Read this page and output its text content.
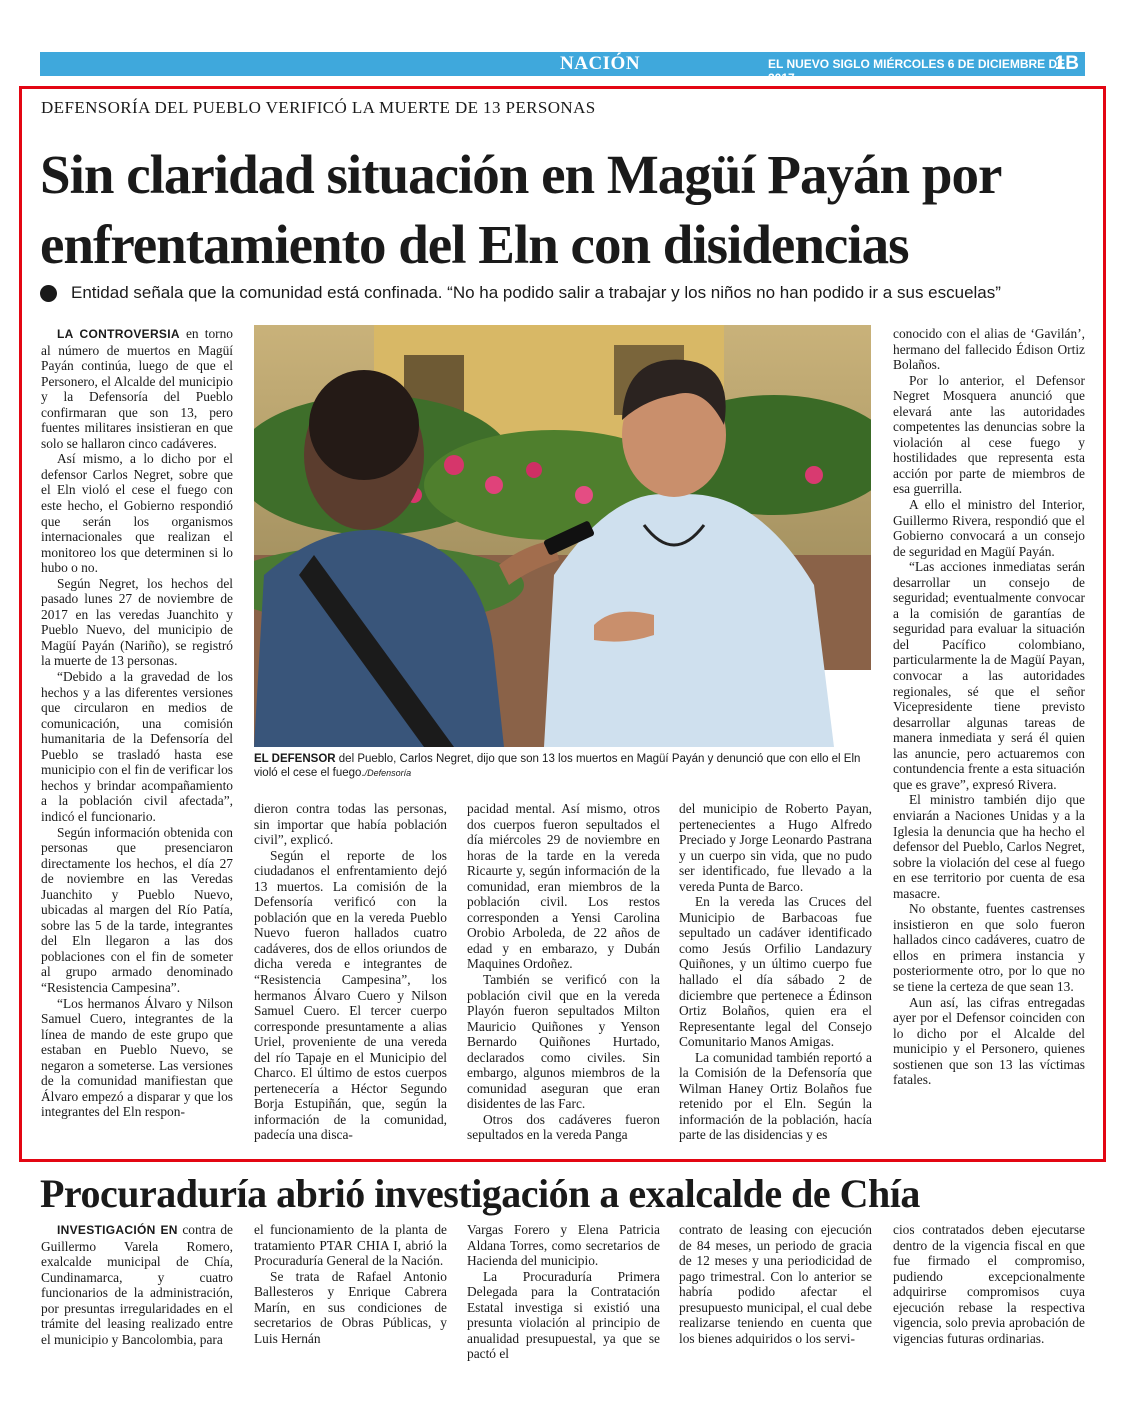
NACIÓN	EL NUEVO SIGLO MIÉRCOLES 6 DE DICIEMBRE DE 2017
1B
DEFENSORÍA DEL PUEBLO VERIFICÓ LA MUERTE DE 13 PERSONAS
Sin claridad situación en Magüí Payán por enfrentamiento del Eln con disidencias
Entidad señala que la comunidad está confinada. “No ha podido salir a trabajar y los niños no han podido ir a sus escuelas”

LA CONTROVERSIA en torno al número de muertos en Magüí Payán continúa, luego de que el Personero, el Alcalde del municipio y la Defensoría del Pueblo confirmaran que son 13, pero fuentes militares insistieran en que solo se hallaron cinco cadáveres.

Así mismo, a lo dicho por el defensor Carlos Negret, sobre que el Eln violó el cese el fuego con este hecho, el Gobierno respondió que serán los organismos internacionales que realizan el monitoreo los que determinen si lo hubo o no.

Según Negret, los hechos del pasado lunes 27 de noviembre de 2017 en las veredas Juanchito y Pueblo Nuevo, del municipio de Magüí Payán (Nariño), se registró la muerte de 13 personas.

“Debido a la gravedad de los hechos y a las diferentes versiones que circularon en medios de comunicación, una comisión humanitaria de la Defensoría del Pueblo se trasladó hasta ese municipio con el fin de verificar los hechos y brindar acompañamiento a la población civil afectada”, indicó el funcionario.

Según información obtenida con personas que presenciaron directamente los hechos, el día 27 de noviembre en las Veredas Juanchito y Pueblo Nuevo, ubicadas al margen del Río Patía, sobre las 5 de la tarde, integrantes del Eln llegaron a las dos poblaciones con el fin de someter al grupo armado denominado “Resistencia Campesina”.

“Los hermanos Álvaro y Nilson Samuel Cuero, integrantes de la línea de mando de este grupo que estaban en Pueblo Nuevo, se negaron a someterse. Las versiones de la comunidad manifiestan que Álvaro empezó a disparar y que los integrantes del Eln respon-

EL DEFENSOR del Pueblo, Carlos Negret, dijo que son 13 los muertos en Magüí Payán y denunció que con ello el Eln violó el cese el fuego./Defensoría

dieron contra todas las personas, sin importar que había población civil”, explicó.

Según el reporte de los ciudadanos el enfrentamiento dejó 13 muertos. La comisión de la Defensoría verificó con la población que en la vereda Pueblo Nuevo fueron hallados cuatro cadáveres, dos de ellos oriundos de dicha vereda e integrantes de “Resistencia Campesina”, los hermanos Álvaro Cuero y Nilson Samuel Cuero. El tercer cuerpo corresponde presuntamente a alias Uriel, proveniente de una vereda del río Tapaje en el Municipio del Charco. El último de estos cuerpos pertenecería a Héctor Segundo Borja Estupiñán, que, según la información de la comunidad, padecía una disca-

pacidad mental. Así mismo, otros dos cuerpos fueron sepultados el día miércoles 29 de noviembre en horas de la tarde en la vereda Ricaurte y, según información de la comunidad, eran miembros de la población civil. Los restos corresponden a Yensi Carolina Orobio Arboleda, de 22 años de edad y en embarazo, y Dubán Maquines Ordoñez.

También se verificó con la población civil que en la vereda Playón fueron sepultados Milton Mauricio Quiñones y Yenson Bernardo Quiñones Hurtado, declarados como civiles. Sin embargo, algunos miembros de la comunidad aseguran que eran disidentes de las Farc.

Otros dos cadáveres fueron sepultados en la vereda Panga

del municipio de Roberto Payan, pertenecientes a Hugo Alfredo Preciado y Jorge Leonardo Pastrana y un cuerpo sin vida, que no pudo ser identificado, fue llevado a la vereda Punta de Barco.

En la vereda las Cruces del Municipio de Barbacoas fue sepultado un cadáver identificado como Jesús Orfilio Landazury Quiñones, y un último cuerpo fue hallado el día sábado 2 de diciembre que pertenece a Édinson Ortiz Bolaños, quien era el Representante legal del Consejo Comunitario Manos Amigas.

La comunidad también reportó a la Comisión de la Defensoría que Wilman Haney Ortiz Bolaños fue retenido por el Eln. Según la información de la población, hacía parte de las disidencias y es

conocido con el alias de ‘Gavilán’, hermano del fallecido Édison Ortiz Bolaños.

Por lo anterior, el Defensor Negret Mosquera anunció que elevará ante las autoridades competentes las denuncias sobre la violación al cese fuego y hostilidades que representa esta acción por parte de miembros de esa guerrilla.

A ello el ministro del Interior, Guillermo Rivera, respondió que el Gobierno convocará a un consejo de seguridad en Magüí Payán.

“Las acciones inmediatas serán desarrollar un consejo de seguridad; eventualmente convocar a la comisión de garantías de seguridad para evaluar la situación del Pacífico colombiano, particularmente la de Magüí Payan, convocar a las autoridades regionales, sé que el señor Vicepresidente tiene previsto desarrollar algunas tareas de manera inmediata y será él quien las anuncie, pero actuaremos con contundencia frente a esta situación que es grave”, expresó Rivera.

El ministro también dijo que enviarán a Naciones Unidas y a la Iglesia la denuncia que ha hecho el defensor del Pueblo, Carlos Negret, sobre la violación del cese al fuego en ese territorio por cuenta de esa masacre.

No obstante, fuentes castrenses insistieron en que solo fueron hallados cinco cadáveres, cuatro de ellos en primera instancia y posteriormente otro, por lo que no se tiene la certeza de que sean 13.

Aun así, las cifras entregadas ayer por el Defensor coinciden con lo dicho por el Alcalde del municipio y el Personero, quienes sostienen que son 13 las víctimas fatales.

Procuraduría abrió investigación a exalcalde de Chía

INVESTIGACIÓN EN contra de Guillermo Varela Romero, exalcalde municipal de Chía, Cundinamarca, y cuatro funcionarios de la administración, por presuntas irregularidades en el trámite del leasing realizado entre el municipio y Bancolombia, para

el funcionamiento de la planta de tratamiento PTAR CHIA I, abrió la Procuraduría General de la Nación.

Se trata de Rafael Antonio Ballesteros y Enrique Cabrera Marín, en sus condiciones de secretarios de Obras Públicas, y Luis Hernán

Vargas Forero y Elena Patricia Aldana Torres, como secretarios de Hacienda del municipio.

La Procuraduría Primera Delegada para la Contratación Estatal investiga si existió una presunta violación al principio de anualidad presupuestal, ya que se pactó el

contrato de leasing con ejecución de 84 meses, un periodo de gracia de 12 meses y una periodicidad de pago trimestral. Con lo anterior se habría podido afectar el presupuesto municipal, el cual debe realizarse teniendo en cuenta que los bienes adquiridos o los servi-

cios contratados deben ejecutarse dentro de la vigencia fiscal en que fue firmado el compromiso, pudiendo excepcionalmente adquirirse compromisos cuya ejecución rebase la respectiva vigencia, solo previa aprobación de vigencias futuras ordinarias.
